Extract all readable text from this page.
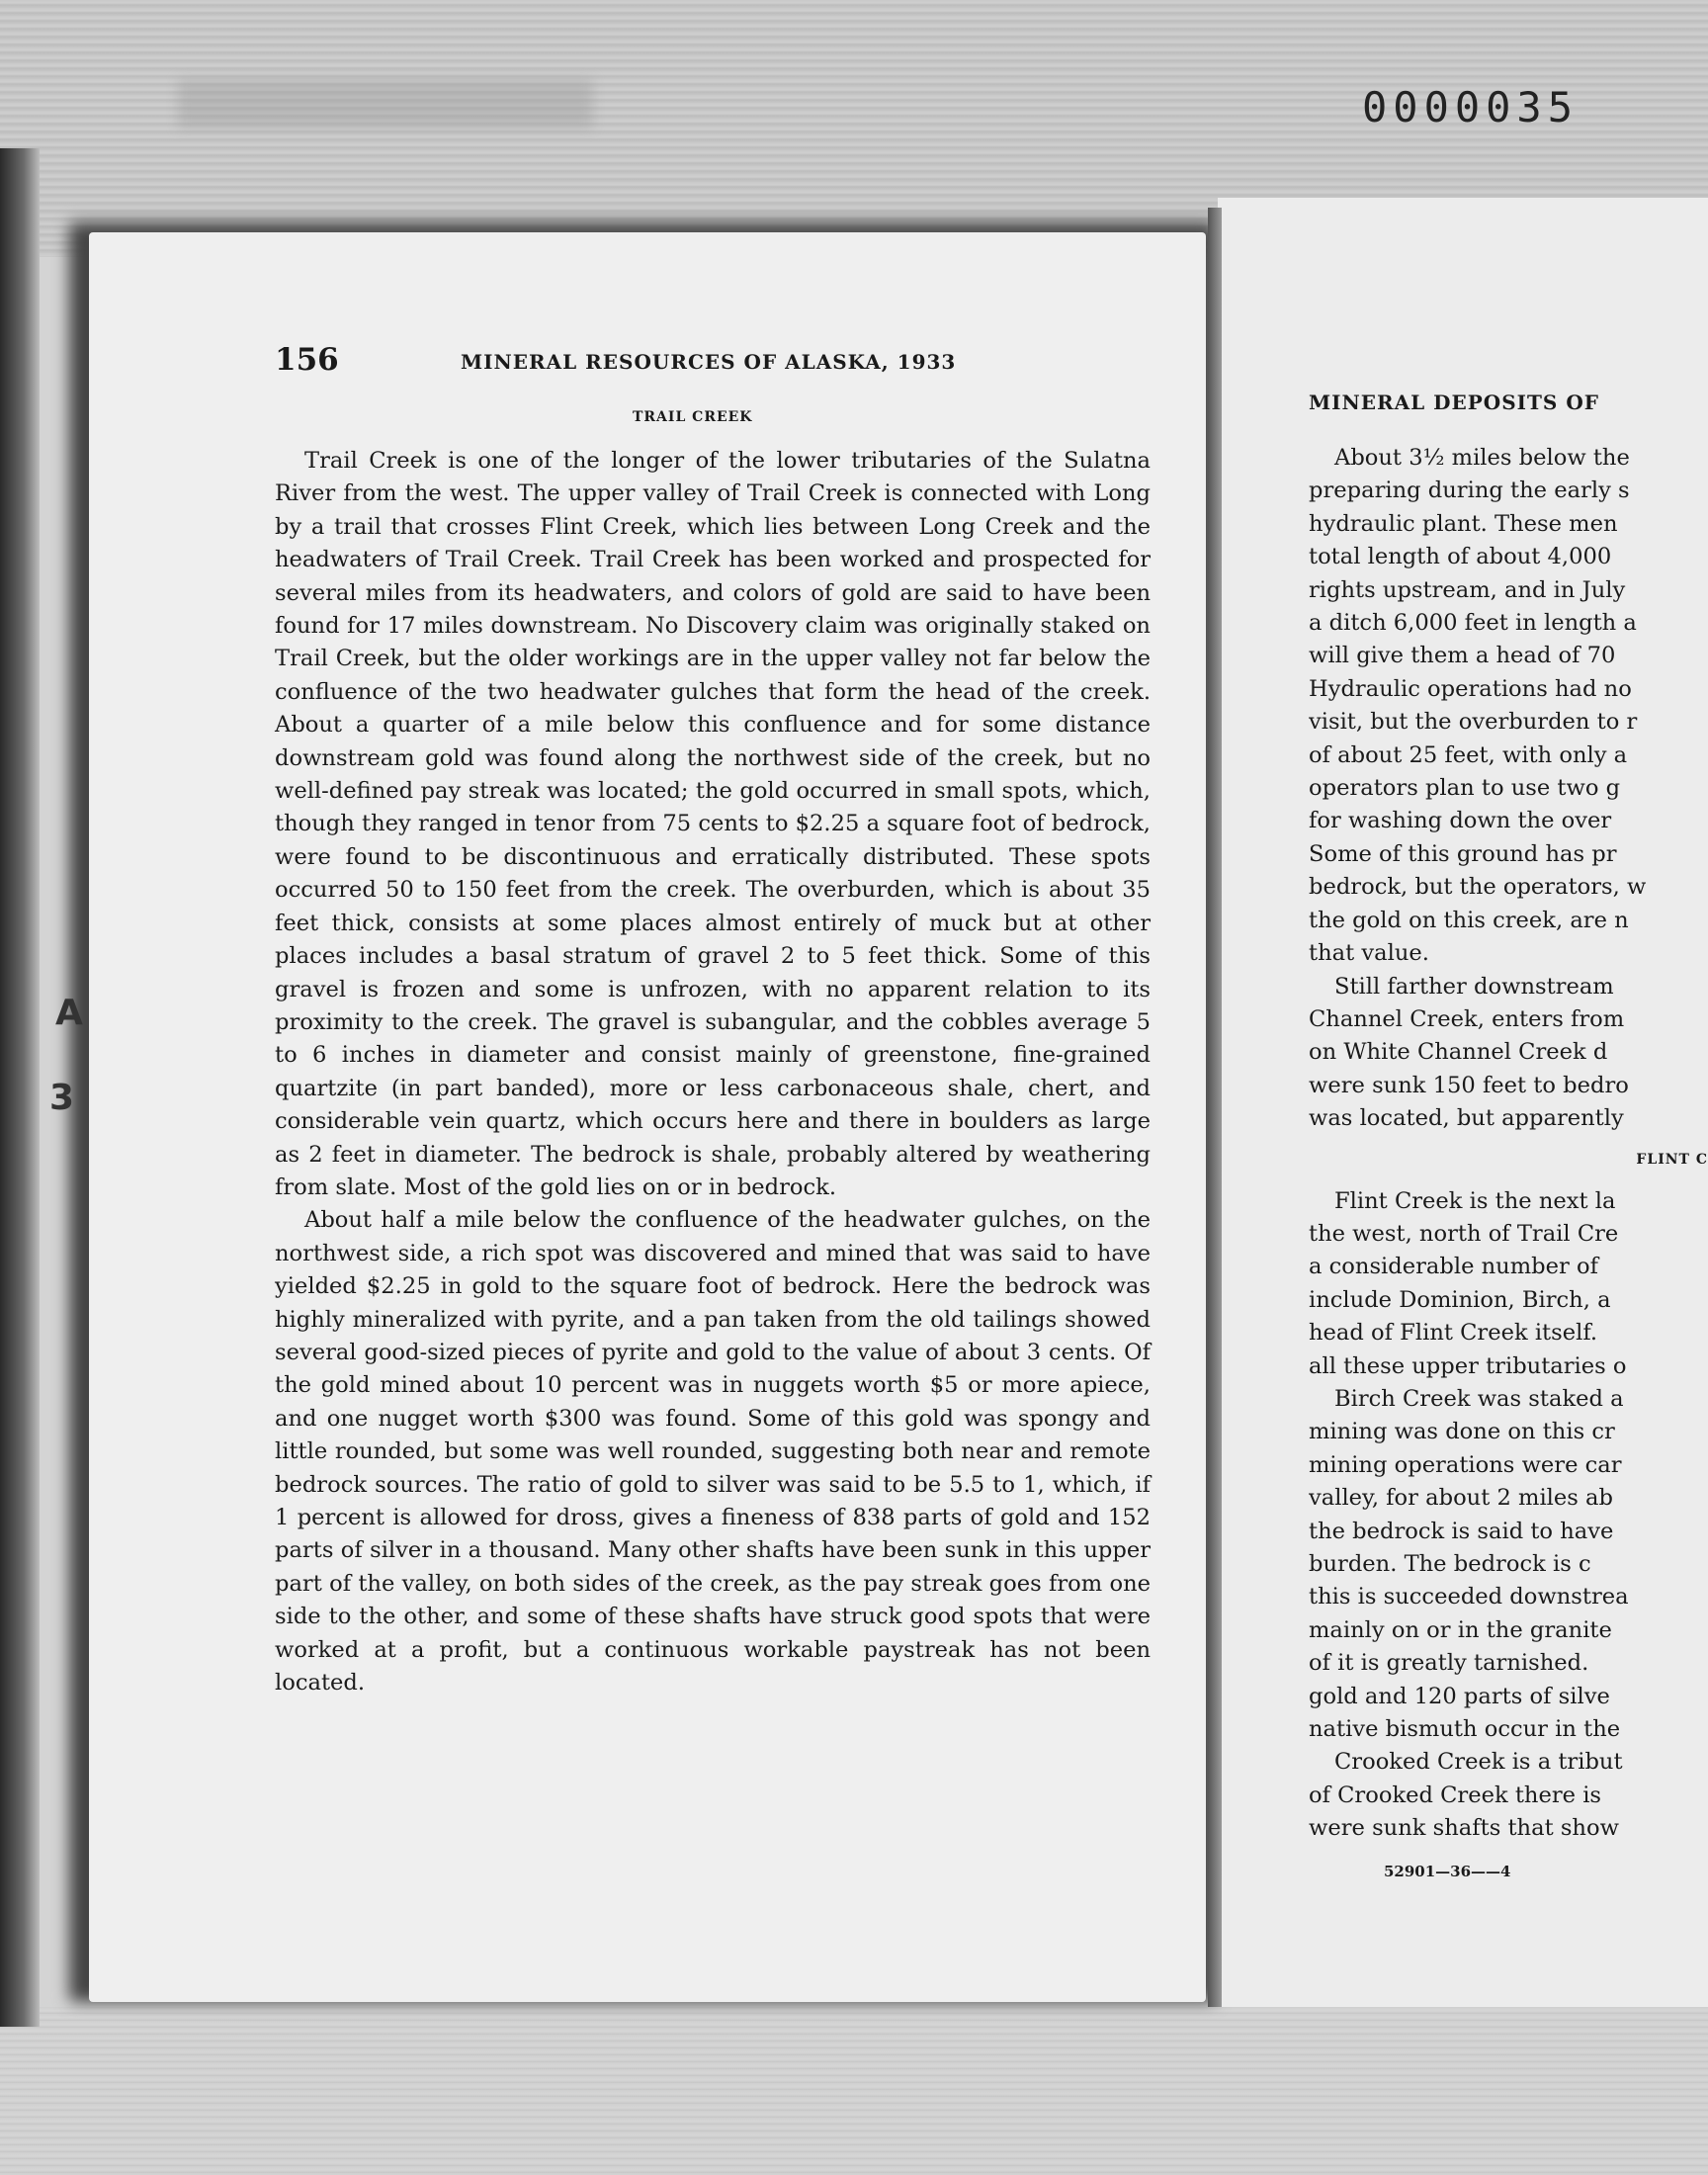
0000035

A

3

156	MINERAL RESOURCES OF ALASKA, 1933

TRAIL CREEK

Trail Creek is one of the longer of the lower tributaries of the Sulatna River from the west. The upper valley of Trail Creek is connected with Long by a trail that crosses Flint Creek, which lies between Long Creek and the headwaters of Trail Creek. Trail Creek has been worked and prospected for several miles from its headwaters, and colors of gold are said to have been found for 17 miles downstream. No Discovery claim was originally staked on Trail Creek, but the older workings are in the upper valley not far below the confluence of the two headwater gulches that form the head of the creek. About a quarter of a mile below this confluence and for some distance downstream gold was found along the northwest side of the creek, but no well-defined pay streak was located; the gold occurred in small spots, which, though they ranged in tenor from 75 cents to $2.25 a square foot of bedrock, were found to be discontinuous and erratically distributed. These spots occurred 50 to 150 feet from the creek. The overburden, which is about 35 feet thick, consists at some places almost entirely of muck but at other places includes a basal stratum of gravel 2 to 5 feet thick. Some of this gravel is frozen and some is unfrozen, with no apparent relation to its proximity to the creek. The gravel is subangular, and the cobbles average 5 to 6 inches in diameter and consist mainly of greenstone, fine-grained quartzite (in part banded), more or less carbonaceous shale, chert, and considerable vein quartz, which occurs here and there in boulders as large as 2 feet in diameter. The bedrock is shale, probably altered by weathering from slate. Most of the gold lies on or in bedrock.

About half a mile below the confluence of the headwater gulches, on the northwest side, a rich spot was discovered and mined that was said to have yielded $2.25 in gold to the square foot of bedrock. Here the bedrock was highly mineralized with pyrite, and a pan taken from the old tailings showed several good-sized pieces of pyrite and gold to the value of about 3 cents. Of the gold mined about 10 percent was in nuggets worth $5 or more apiece, and one nugget worth $300 was found. Some of this gold was spongy and little rounded, but some was well rounded, suggesting both near and remote bedrock sources. The ratio of gold to silver was said to be 5.5 to 1, which, if 1 percent is allowed for dross, gives a fineness of 838 parts of gold and 152 parts of silver in a thousand. Many other shafts have been sunk in this upper part of the valley, on both sides of the creek, as the pay streak goes from one side to the other, and some of these shafts have struck good spots that were worked at a profit, but a continuous workable paystreak has not been located.

MINERAL DEPOSITS OF

About 3½ miles below the

preparing during the early s

hydraulic plant. These men

total length of about 4,000

rights upstream, and in July

a ditch 6,000 feet in length a

will give them a head of 70

Hydraulic operations had no

visit, but the overburden to r

of about 25 feet, with only a

operators plan to use two g

for washing down the over

Some of this ground has pr

bedrock, but the operators, w

the gold on this creek, are n

that value.

Still farther downstream

Channel Creek, enters from

on White Channel Creek d

were sunk 150 feet to bedro

was located, but apparently

FLINT C

Flint Creek is the next la

the west, north of Trail Cre

a considerable number of

include Dominion, Birch, a

head of Flint Creek itself.

all these upper tributaries o

Birch Creek was staked a

mining was done on this cr

mining operations were car

valley, for about 2 miles ab

the bedrock is said to have

burden. The bedrock is c

this is succeeded downstrea

mainly on or in the granite

of it is greatly tarnished.

gold and 120 parts of silve

native bismuth occur in the

Crooked Creek is a tribut

of Crooked Creek there is

were sunk shafts that show

52901—36——4
